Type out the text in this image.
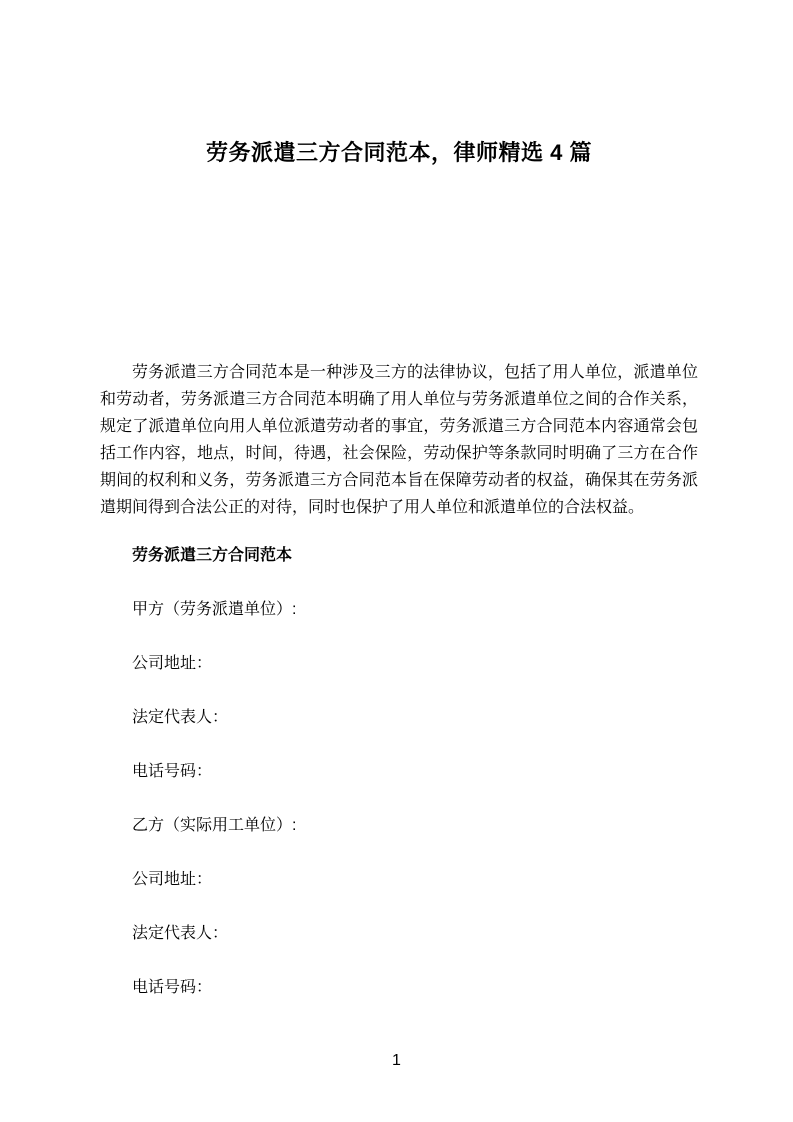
劳务派遣三方合同范本，律师精选 4 篇

劳务派遣三方合同范本是一种涉及三方的法律协议，包括了用人单位，派遣单位和劳动者，劳务派遣三方合同范本明确了用人单位与劳务派遣单位之间的合作关系，规定了派遣单位向用人单位派遣劳动者的事宜，劳务派遣三方合同范本内容通常会包括工作内容，地点，时间，待遇，社会保险，劳动保护等条款同时明确了三方在合作期间的权利和义务，劳务派遣三方合同范本旨在保障劳动者的权益，确保其在劳务派遣期间得到合法公正的对待，同时也保护了用人单位和派遣单位的合法权益。

劳务派遣三方合同范本

甲方（劳务派遣单位）:

公司地址：

法定代表人：

电话号码：

乙方（实际用工单位）:

公司地址：

法定代表人：

电话号码：

1
